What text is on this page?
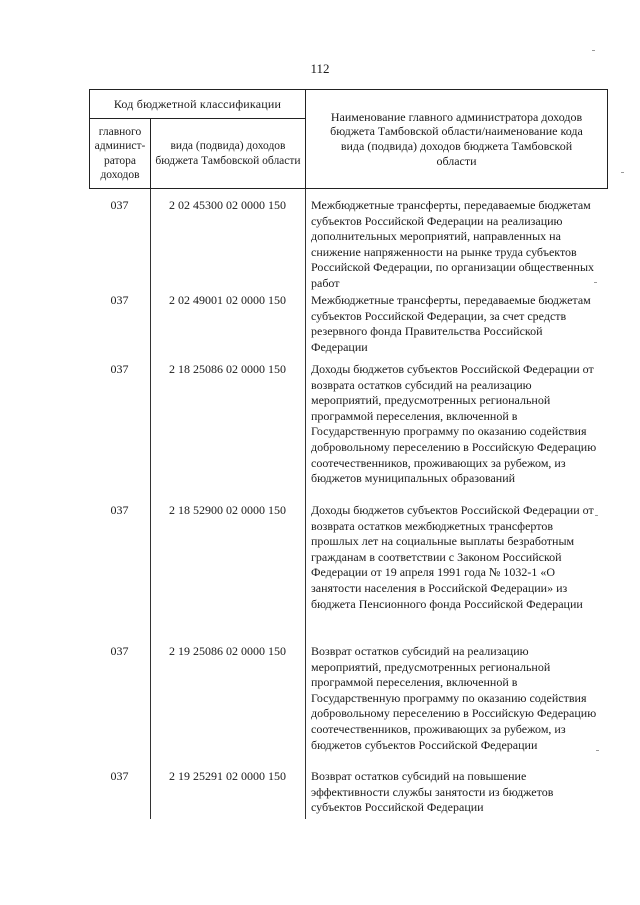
112
Код бюджетной классификации		Наименование главного администратора доходов бюджета Тамбовской области/наименование кода вида (подвида) доходов бюджета Тамбовской области
главного админист-ратора доходов	вида (подвида) доходов бюджета Тамбовской области	
037	2 02 45300 02 0000 150	Межбюджетные трансферты, передаваемые бюджетам субъектов Российской Федерации на реализацию дополнительных мероприятий, направленных на снижение напряженности на рынке труда субъектов Российской Федерации, по организации общественных работ
037	2 02 49001 02 0000 150	Межбюджетные трансферты, передаваемые бюджетам субъектов Российской Федерации, за счет средств резервного фонда Правительства Российской Федерации
037	2 18 25086 02 0000 150	Доходы бюджетов субъектов Российской Федерации от возврата остатков субсидий на реализацию мероприятий, предусмотренных региональной программой переселения, включенной в Государственную программу по оказанию содействия добровольному переселению в Российскую Федерацию соотечественников, проживающих за рубежом, из бюджетов муниципальных образований
037	2 18 52900 02 0000 150	Доходы бюджетов субъектов Российской Федерации от возврата остатков межбюджетных трансфертов прошлых лет на социальные выплаты безработным гражданам в соответствии с Законом Российской Федерации от 19 апреля 1991 года № 1032-1 «О занятости населения в Российской Федерации» из бюджета Пенсионного фонда Российской Федерации
037	2 19 25086 02 0000 150	Возврат остатков субсидий на реализацию мероприятий, предусмотренных региональной программой переселения, включенной в Государственную программу по оказанию содействия добровольному переселению в Российскую Федерацию соотечественников, проживающих за рубежом, из бюджетов субъектов Российской Федерации
037	2 19 25291 02 0000 150	Возврат остатков субсидий на повышение эффективности службы занятости из бюджетов субъектов Российской Федерации
